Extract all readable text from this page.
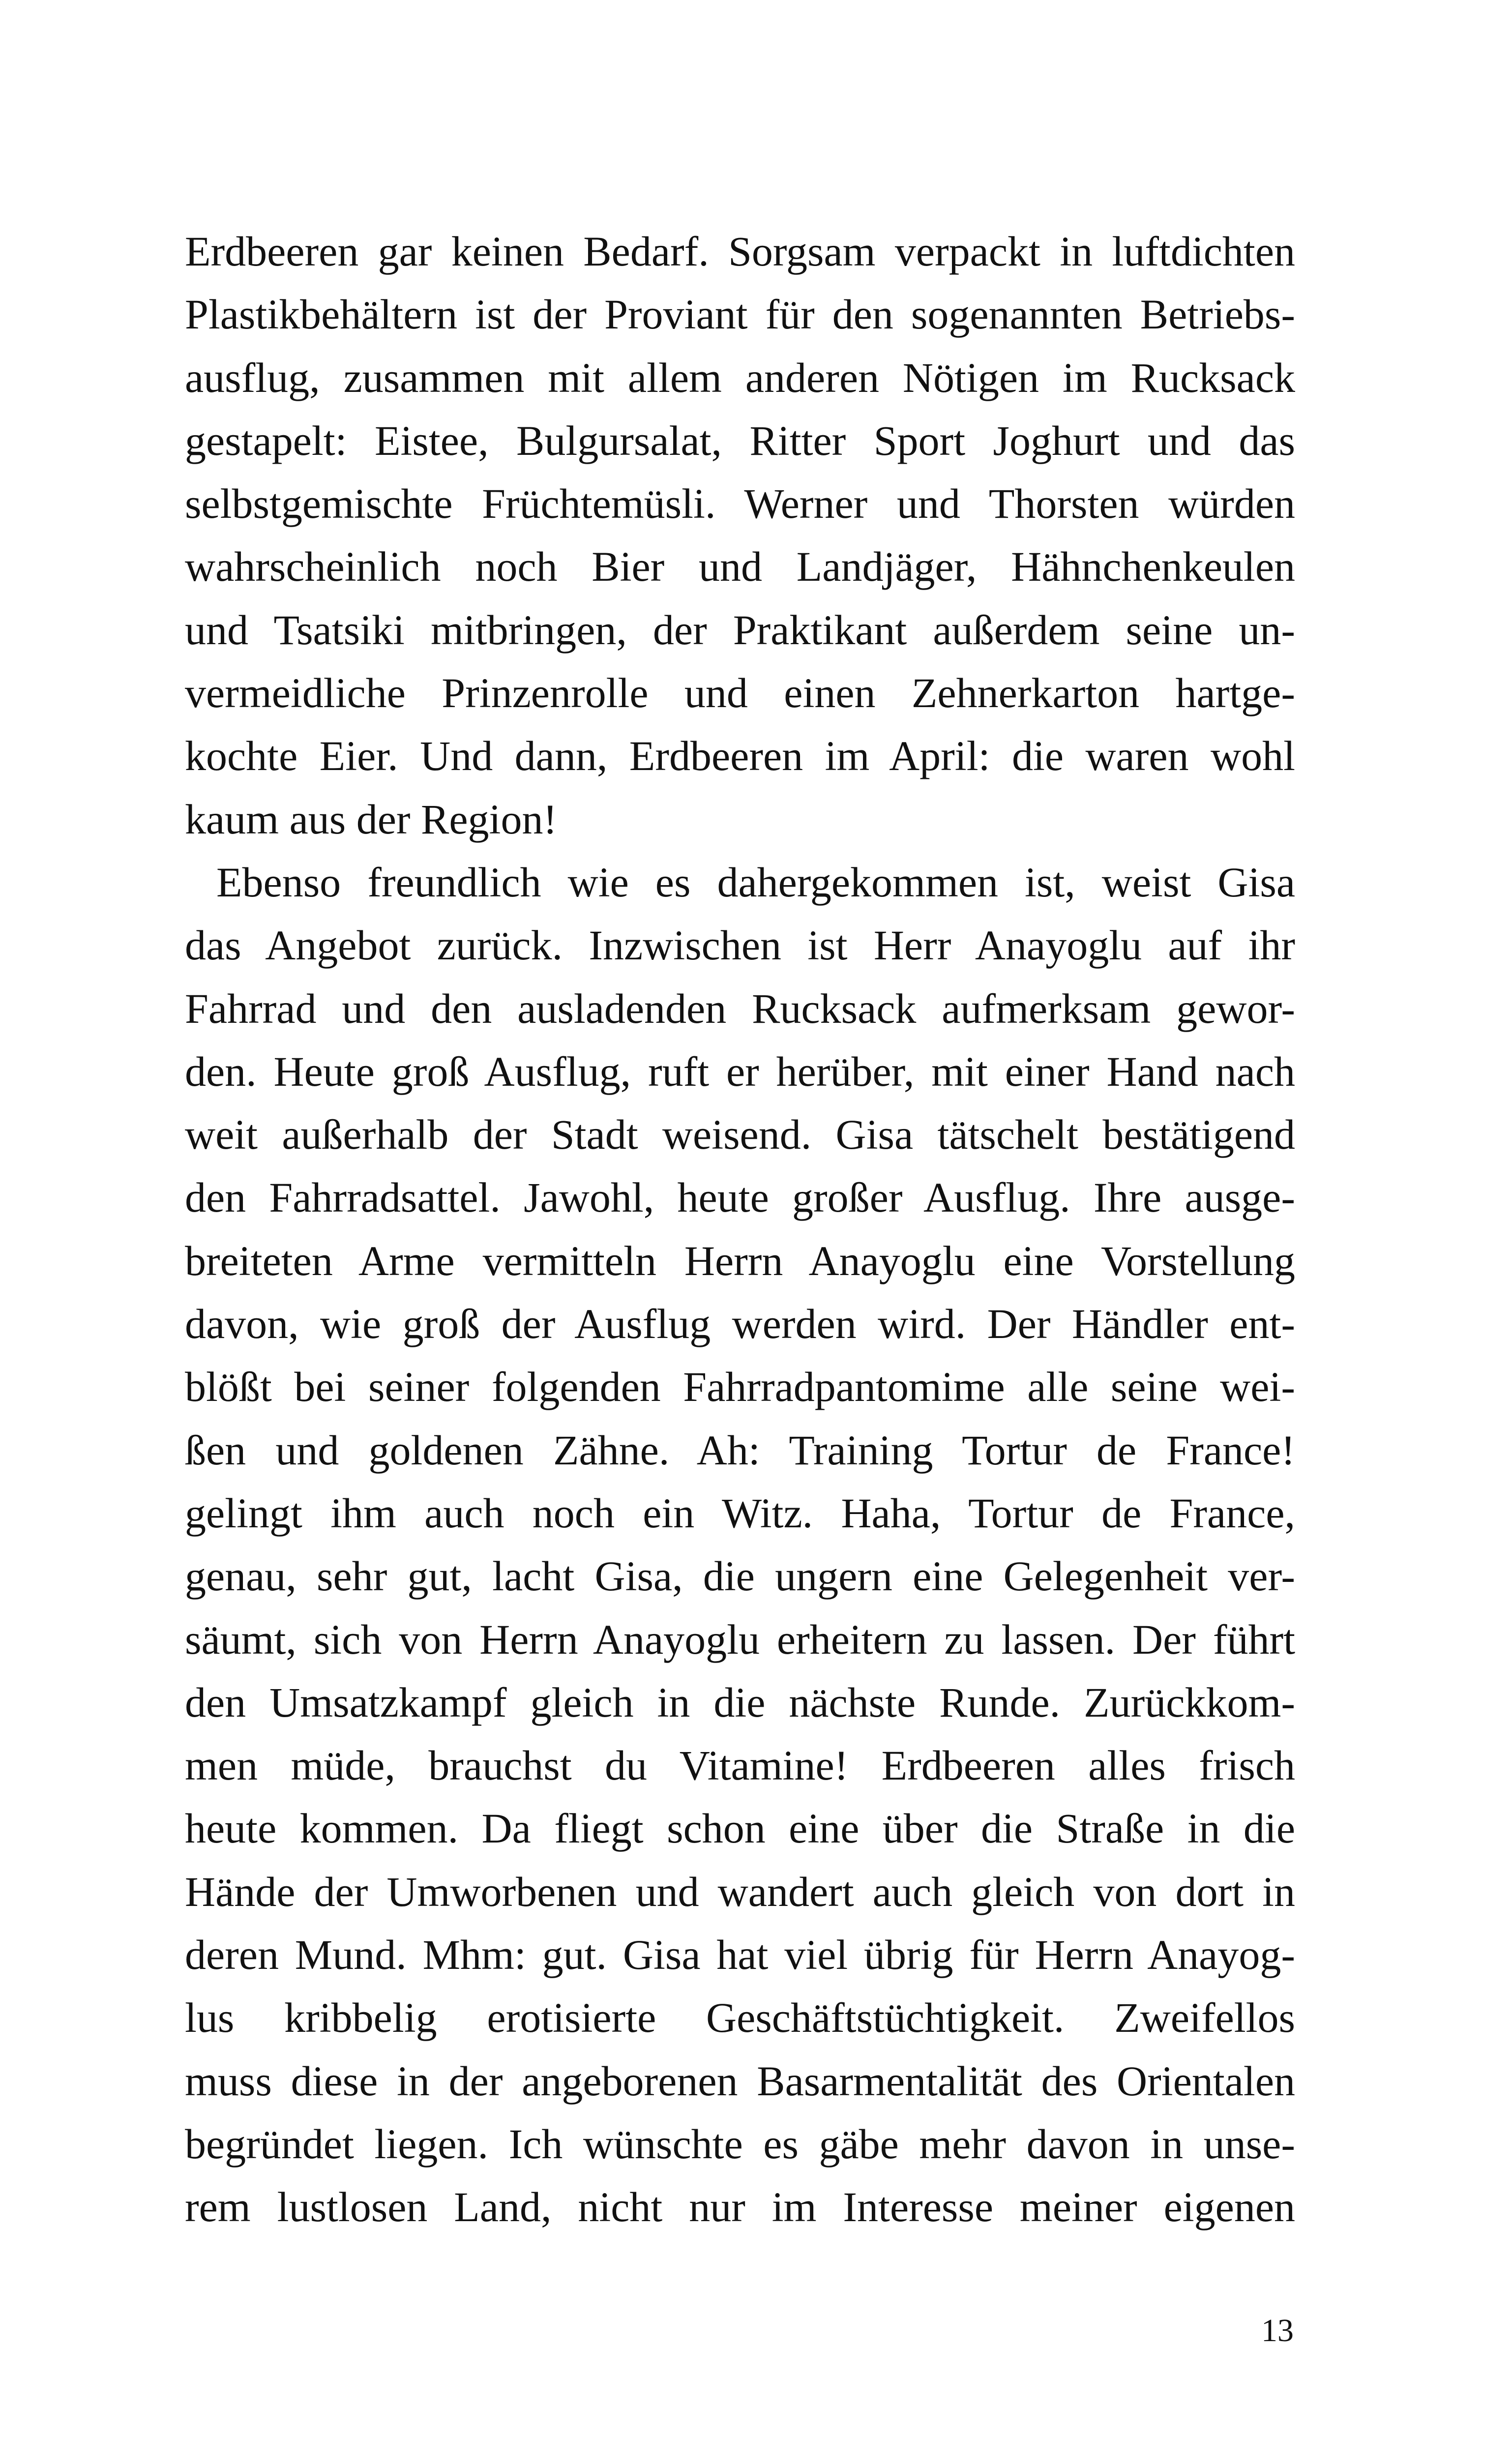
Erdbeeren gar keinen Bedarf. Sorgsam verpackt in luftdichten
Plastikbehältern ist der Proviant für den sogenannten Betriebs-
ausflug, zusammen mit allem anderen Nötigen im Rucksack
gestapelt: Eistee, Bulgursalat, Ritter Sport Joghurt und das
selbstgemischte Früchtemüsli. Werner und Thorsten würden
wahrscheinlich noch Bier und Landjäger, Hähnchenkeulen
und Tsatsiki mitbringen, der Praktikant außerdem seine un-
vermeidliche Prinzenrolle und einen Zehnerkarton hartge-
kochte Eier. Und dann, Erdbeeren im April: die waren wohl
kaum aus der Region!
Ebenso freundlich wie es dahergekommen ist, weist Gisa
das Angebot zurück. Inzwischen ist Herr Anayoglu auf ihr
Fahrrad und den ausladenden Rucksack aufmerksam gewor-
den. Heute groß Ausflug, ruft er herüber, mit einer Hand nach
weit außerhalb der Stadt weisend. Gisa tätschelt bestätigend
den Fahrradsattel. Jawohl, heute großer Ausflug. Ihre ausge-
breiteten Arme vermitteln Herrn Anayoglu eine Vorstellung
davon, wie groß der Ausflug werden wird. Der Händler ent-
blößt bei seiner folgenden Fahrradpantomime alle seine wei-
ßen und goldenen Zähne. Ah: Training Tortur de France!
gelingt ihm auch noch ein Witz. Haha, Tortur de France,
genau, sehr gut, lacht Gisa, die ungern eine Gelegenheit ver-
säumt, sich von Herrn Anayoglu erheitern zu lassen. Der führt
den Umsatzkampf gleich in die nächste Runde. Zurückkom-
men müde, brauchst du Vitamine! Erdbeeren alles frisch
heute kommen. Da fliegt schon eine über die Straße in die
Hände der Umworbenen und wandert auch gleich von dort in
deren Mund. Mhm: gut. Gisa hat viel übrig für Herrn Anayog-
lus kribbelig erotisierte Geschäftstüchtigkeit. Zweifellos
muss diese in der angeborenen Basarmentalität des Orientalen
begründet liegen. Ich wünschte es gäbe mehr davon in unse-
rem lustlosen Land, nicht nur im Interesse meiner eigenen
13
